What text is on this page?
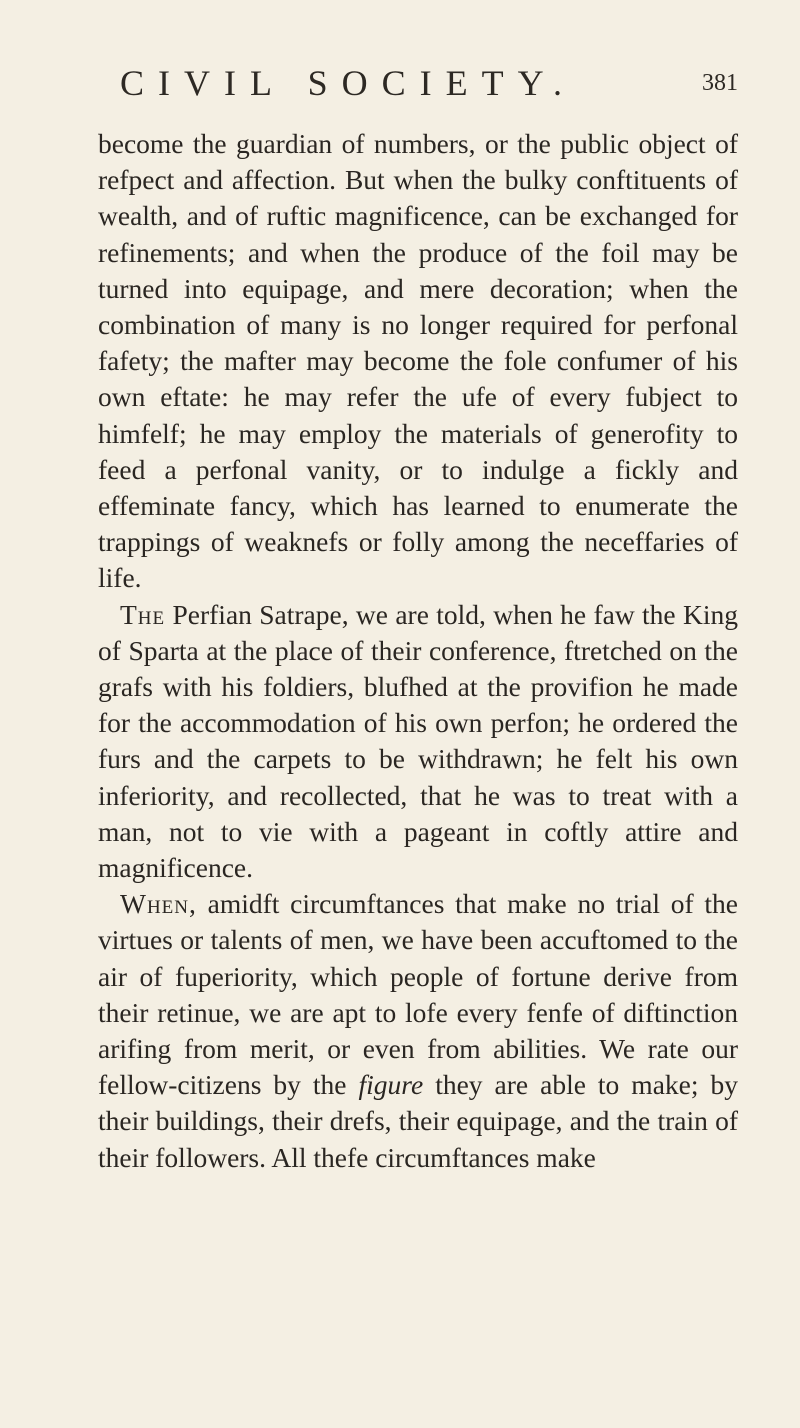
CIVIL SOCIETY.	381

become the guardian of numbers, or the public object of refpect and affection. But when the bulky conftituents of wealth, and of ruftic magnificence, can be exchanged for refinements; and when the produce of the foil may be turned into equipage, and mere decoration; when the combination of many is no longer required for perfonal fafety; the mafter may become the fole confumer of his own eftate: he may refer the ufe of every fubject to himfelf; he may employ the materials of generofity to feed a perfonal vanity, or to indulge a fickly and effeminate fancy, which has learned to enumerate the trappings of weaknefs or folly among the neceffaries of life.

The Perfian Satrape, we are told, when he faw the King of Sparta at the place of their conference, ftretched on the grafs with his foldiers, blufhed at the provifion he made for the accommodation of his own perfon; he ordered the furs and the carpets to be withdrawn; he felt his own inferiority, and recollected, that he was to treat with a man, not to vie with a pageant in coftly attire and magnificence.

When, amidft circumftances that make no trial of the virtues or talents of men, we have been accuftomed to the air of fuperiority, which people of fortune derive from their retinue, we are apt to lofe every fenfe of diftinction arifing from merit, or even from abilities. We rate our fellow-citizens by the figure they are able to make; by their buildings, their drefs, their equipage, and the train of their followers. All thefe circumftances make
